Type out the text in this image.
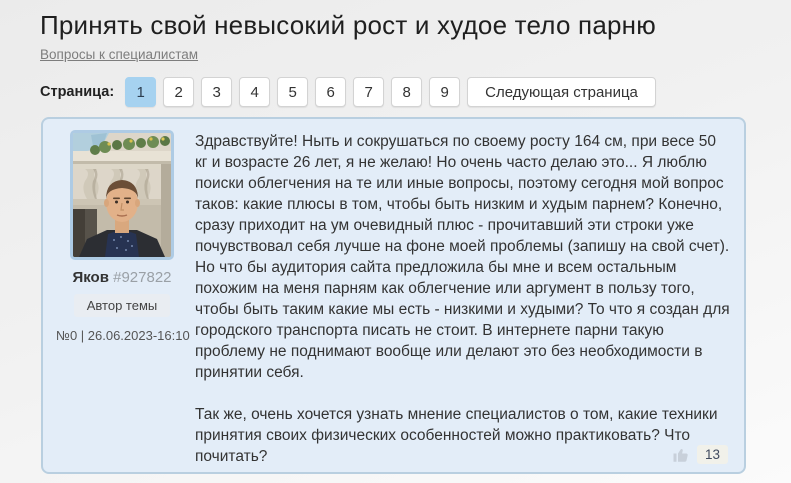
Принять свой невысокий рост и худое тело парню
Вопросы к специалистам
Страница:	1	2	3	4	5	6	7	8	9	Следующая страница
Яков #927822
Автор темы
№0 | 26.06.2023-16:10

Здравствуйте! Ныть и сокрушаться по своему росту 164 см, при весе 50 кг и возрасте 26 лет, я не желаю! Но очень часто делаю это... Я люблю поиски облегчения на те или иные вопросы, поэтому сегодня мой вопрос таков: какие плюсы в том, чтобы быть низким и худым парнем? Конечно, сразу приходит на ум очевидный плюс - прочитавший эти строки уже почувствовал себя лучше на фоне моей проблемы (запишу на свой счет). Но что бы аудитория сайта предложила бы мне и всем остальным похожим на меня парням как облегчение или аргумент в пользу того, чтобы быть таким какие мы есть - низкими и худыми? То что я создан для городского транспорта писать не стоит. В интернете парни такую проблему не поднимают вообще или делают это без необходимости в принятии себя.

Так же, очень хочется узнать мнение специалистов о том, какие техники принятия своих физических особенностей можно практиковать? Что почитать?	13
